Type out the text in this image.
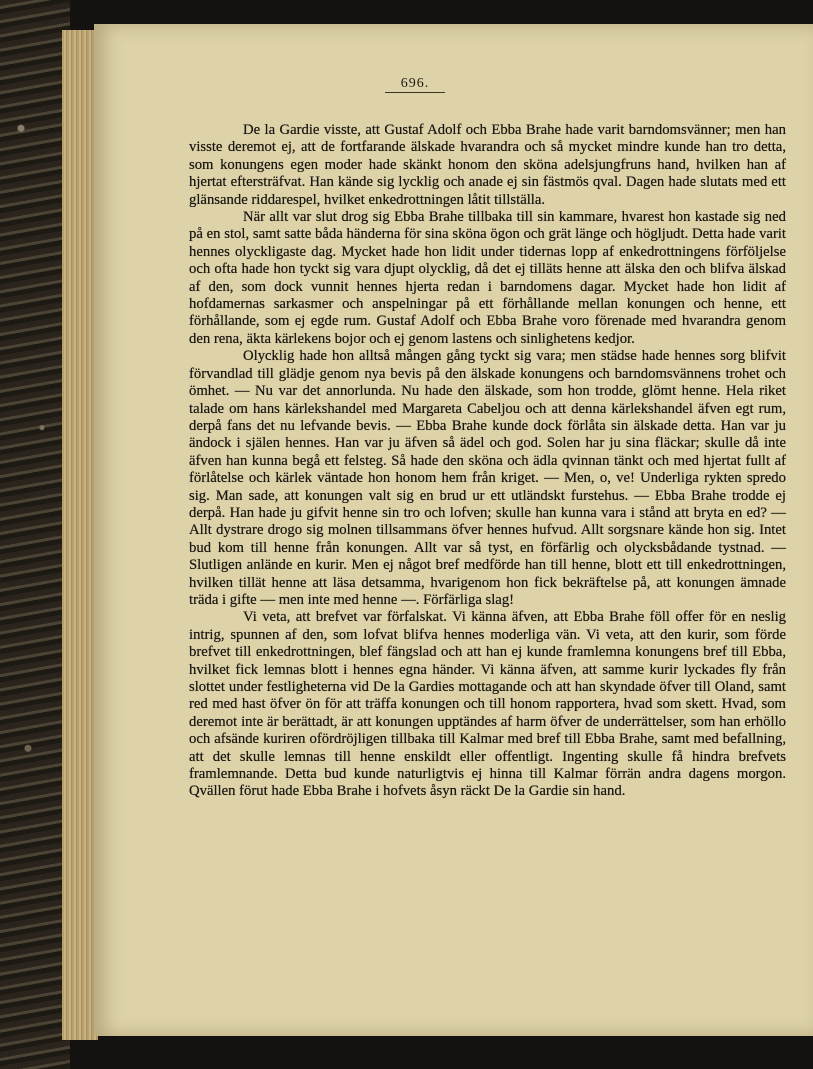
696.

De la Gardie visste, att Gustaf Adolf och Ebba Brahe hade varit barndomsvänner; men han visste deremot ej, att de fortfarande älskade hvarandra och så mycket mindre kunde han tro detta, som konungens egen moder hade skänkt honom den sköna adelsjungfruns hand, hvilken han af hjertat eftersträfvat. Han kände sig lycklig och anade ej sin fästmös qval. Dagen hade slutats med ett glänsande riddarespel, hvilket enkedrottningen låtit tillställa.

När allt var slut drog sig Ebba Brahe tillbaka till sin kammare, hvarest hon kastade sig ned på en stol, samt satte båda händerna för sina sköna ögon och grät länge och högljudt. Detta hade varit hennes olyckligaste dag. Mycket hade hon lidit under tidernas lopp af enkedrottningens förföljelse och ofta hade hon tyckt sig vara djupt olycklig, då det ej tilläts henne att älska den och blifva älskad af den, som dock vunnit hennes hjerta redan i barndomens dagar. Mycket hade hon lidit af hofdamernas sarkasmer och anspelningar på ett förhållande mellan konungen och henne, ett förhållande, som ej egde rum. Gustaf Adolf och Ebba Brahe voro förenade med hvarandra genom den rena, äkta kärlekens bojor och ej genom lastens och sinlighetens kedjor.

Olycklig hade hon alltså mången gång tyckt sig vara; men städse hade hennes sorg blifvit förvandlad till glädje genom nya bevis på den älskade konungens och barndomsvännens trohet och ömhet. — Nu var det annorlunda. Nu hade den älskade, som hon trodde, glömt henne. Hela riket talade om hans kärlekshandel med Margareta Cabeljou och att denna kärlekshandel äfven egt rum, derpå fans det nu lefvande bevis. — Ebba Brahe kunde dock förlåta sin älskade detta. Han var ju ändock i själen hennes. Han var ju äfven så ädel och god. Solen har ju sina fläckar; skulle då inte äfven han kunna begå ett felsteg. Så hade den sköna och ädla qvinnan tänkt och med hjertat fullt af förlåtelse och kärlek väntade hon honom hem från kriget. — Men, o, ve! Underliga rykten spredo sig. Man sade, att konungen valt sig en brud ur ett utländskt furstehus. — Ebba Brahe trodde ej derpå. Han hade ju gifvit henne sin tro och lofven; skulle han kunna vara i stånd att bryta en ed? — Allt dystrare drogo sig molnen tillsammans öfver hennes hufvud. Allt sorgsnare kände hon sig. Intet bud kom till henne från konungen. Allt var så tyst, en förfärlig och olycksbådande tystnad. — Slutligen anlände en kurir. Men ej något bref medförde han till henne, blott ett till enkedrottningen, hvilken tillät henne att läsa detsamma, hvarigenom hon fick bekräftelse på, att konungen ämnade träda i gifte — men inte med henne —. Förfärliga slag!

Vi veta, att brefvet var förfalskat. Vi känna äfven, att Ebba Brahe föll offer för en neslig intrig, spunnen af den, som lofvat blifva hennes moderliga vän. Vi veta, att den kurir, som förde brefvet till enkedrottningen, blef fängslad och att han ej kunde framlemna konungens bref till Ebba, hvilket fick lemnas blott i hennes egna händer. Vi känna äfven, att samme kurir lyckades fly från slottet under festligheterna vid De la Gardies mottagande och att han skyndade öfver till Oland, samt red med hast öfver ön för att träffa konungen och till honom rapportera, hvad som skett. Hvad, som deremot inte är berättadt, är att konungen upptändes af harm öfver de underrättelser, som han erhöllo och afsände kuriren ofördröjligen tillbaka till Kalmar med bref till Ebba Brahe, samt med befallning, att det skulle lemnas till henne enskildt eller offentligt. Ingenting skulle få hindra brefvets framlemnande. Detta bud kunde naturligtvis ej hinna till Kalmar förrän andra dagens morgon. Qvällen förut hade Ebba Brahe i hofvets åsyn räckt De la Gardie sin hand.
